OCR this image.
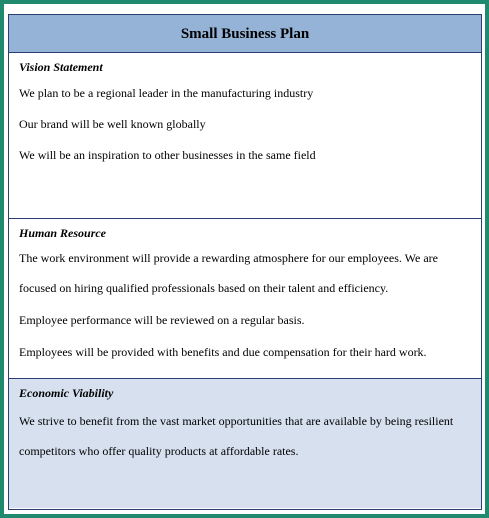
Small Business Plan
Vision Statement

We plan to be a regional leader in the manufacturing industry

Our brand will be well known globally

We will be an inspiration to other businesses in the same field

Human Resource

The work environment will provide a rewarding atmosphere for our employees. We are focused on hiring qualified professionals based on their talent and efficiency.

Employee performance will be reviewed on a regular basis.

Employees will be provided with benefits and due compensation for their hard work.

Economic Viability

We strive to benefit from the vast market opportunities that are available by being resilient competitors who offer quality products at affordable rates.
